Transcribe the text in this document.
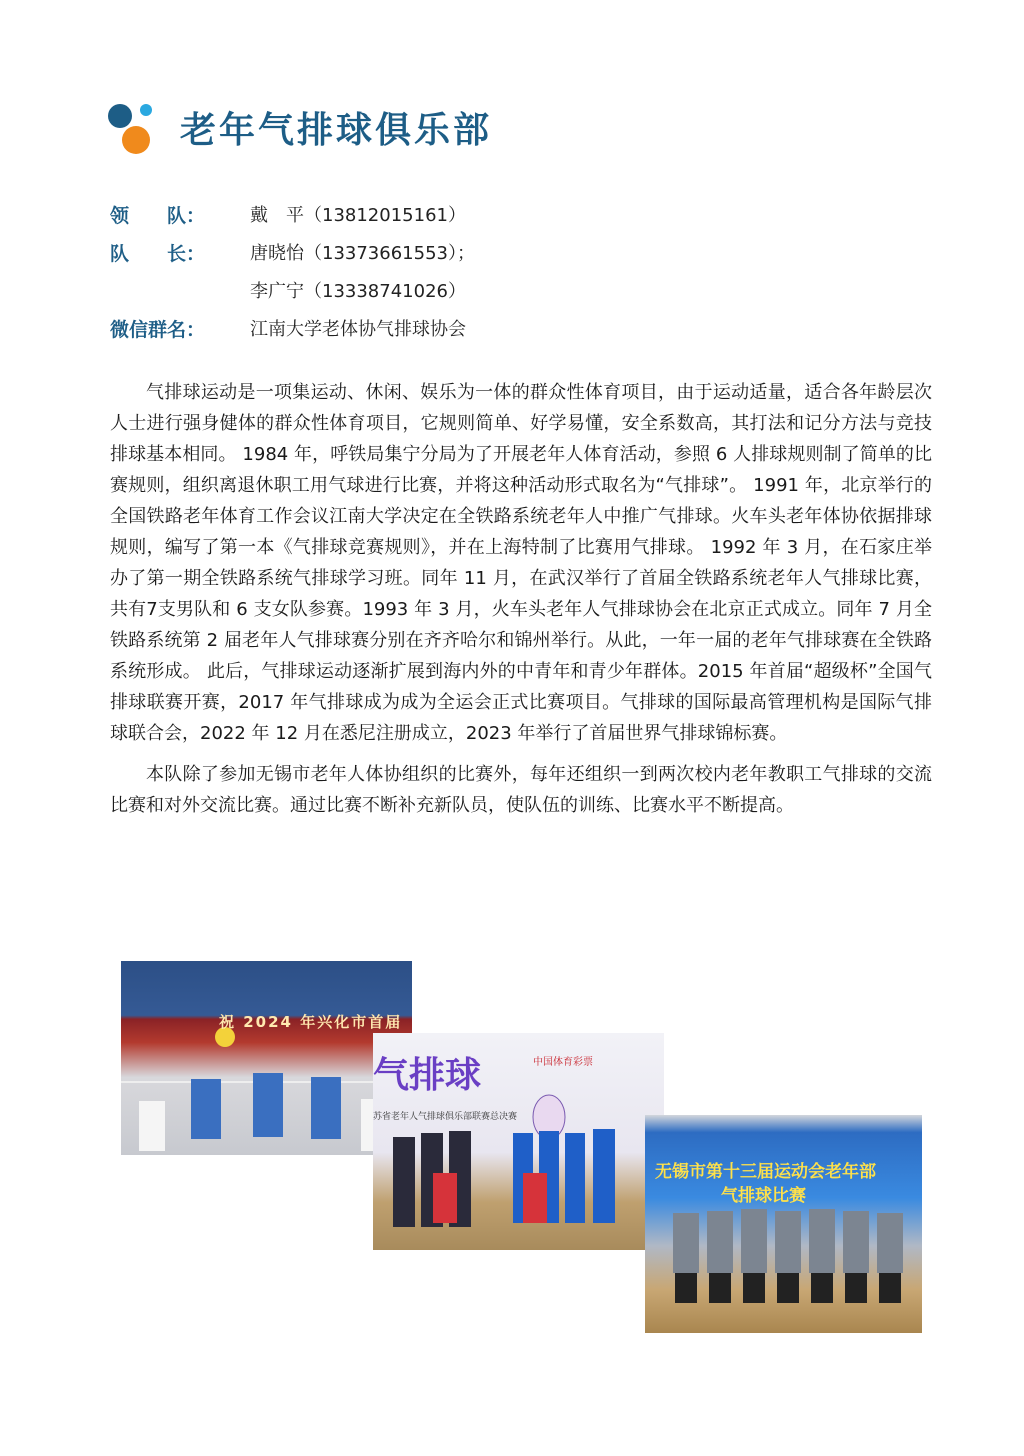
老年气排球俱乐部
领　　队： 戴　平（13812015161）
队　　长： 唐晓怡（13373661553）；
李广宁（13338741026）
微信群名： 江南大学老体协气排球协会

气排球运动是一项集运动、休闲、娱乐为一体的群众性体育项目，由于运动适量，适合各年龄层次人士进行强身健体的群众性体育项目，它规则简单、好学易懂，安全系数高，其打法和记分方法与竞技排球基本相同。 1984 年，呼铁局集宁分局为了开展老年人体育活动，参照 6 人排球规则制了简单的比赛规则，组织离退休职工用气球进行比赛，并将这种活动形式取名为“气排球”。 1991 年，北京举行的全国铁路老年体育工作会议江南大学决定在全铁路系统老年人中推广气排球。火车头老年体协依据排球规则，编写了第一本《气排球竞赛规则》，并在上海特制了比赛用气排球。 1992 年 3 月，在石家庄举办了第一期全铁路系统气排球学习班。同年 11 月，在武汉举行了首届全铁路系统老年人气排球比赛，共有7支男队和 6 支女队参赛。1993 年 3 月，火车头老年人气排球协会在北京正式成立。同年 7 月全铁路系统第 2 届老年人气排球赛分别在齐齐哈尔和锦州举行。从此，一年一届的老年气排球赛在全铁路系统形成。 此后，气排球运动逐渐扩展到海内外的中青年和青少年群体。2015 年首届“超级杯”全国气排球联赛开赛，2017 年气排球成为成为全运会正式比赛项目。气排球的国际最高管理机构是国际气排球联合会，2022 年 12 月在悉尼注册成立，2023 年举行了首届世界气排球锦标赛。

本队除了参加无锡市老年人体协组织的比赛外，每年还组织一到两次校内老年教职工气排球的交流比赛和对外交流比赛。通过比赛不断补充新队员，使队伍的训练、比赛水平不断提高。

祝 2024 年兴化市首届
气排球
苏省老年人气排球俱乐部联赛总决赛
中国体育彩票
无锡市第十三届运动会老年部
气排球比赛
